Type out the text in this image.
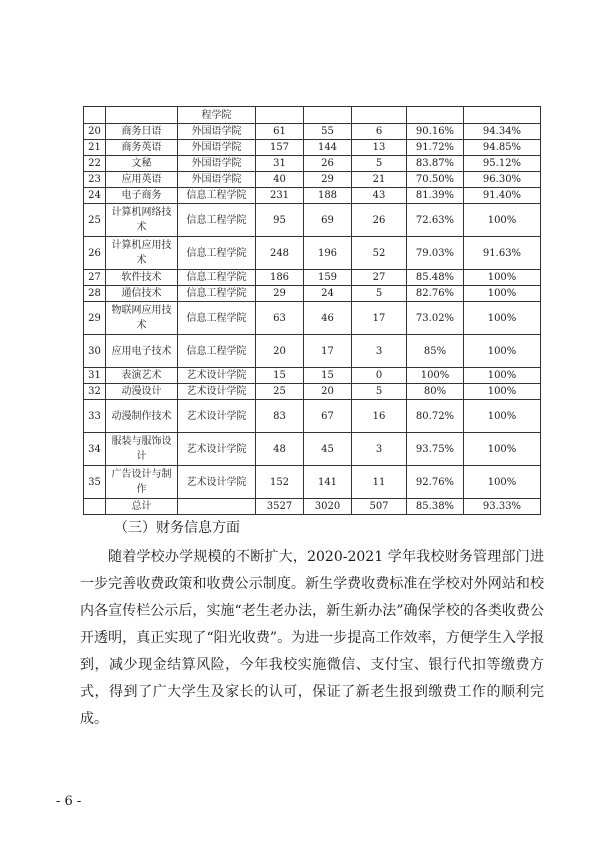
		程学院					
20	商务日语	外国语学院	61	55	6	90.16%	94.34%
21	商务英语	外国语学院	157	144	13	91.72%	94.85%
22	文秘	外国语学院	31	26	5	83.87%	95.12%
23	应用英语	外国语学院	40	29	21	70.50%	96.30%
24	电子商务	信息工程学院	231	188	43	81.39%	91.40%
25	计算机网络技术	信息工程学院	95	69	26	72.63%	100%
26	计算机应用技术	信息工程学院	248	196	52	79.03%	91.63%
27	软件技术	信息工程学院	186	159	27	85.48%	100%
28	通信技术	信息工程学院	29	24	5	82.76%	100%
29	物联网应用技术	信息工程学院	63	46	17	73.02%	100%
30	应用电子技术	信息工程学院	20	17	3	85%	100%
31	表演艺术	艺术设计学院	15	15	0	100%	100%
32	动漫设计	艺术设计学院	25	20	5	80%	100%
33	动漫制作技术	艺术设计学院	83	67	16	80.72%	100%
34	服装与服饰设计	艺术设计学院	48	45	3	93.75%	100%
35	广告设计与制作	艺术设计学院	152	141	11	92.76%	100%
	总计		3527	3020	507	85.38%	93.33%
（三）财务信息方面

随着学校办学规模的不断扩大，2020-2021 学年我校财务管理部门进一步完善收费政策和收费公示制度。新生学费收费标准在学校对外网站和校内各宣传栏公示后，实施“老生老办法，新生新办法”确保学校的各类收费公开透明，真正实现了“阳光收费”。为进一步提高工作效率，方便学生入学报到，减少现金结算风险，今年我校实施微信、支付宝、银行代扣等缴费方式，得到了广大学生及家长的认可，保证了新老生报到缴费工作的顺利完成。

- 6 -
